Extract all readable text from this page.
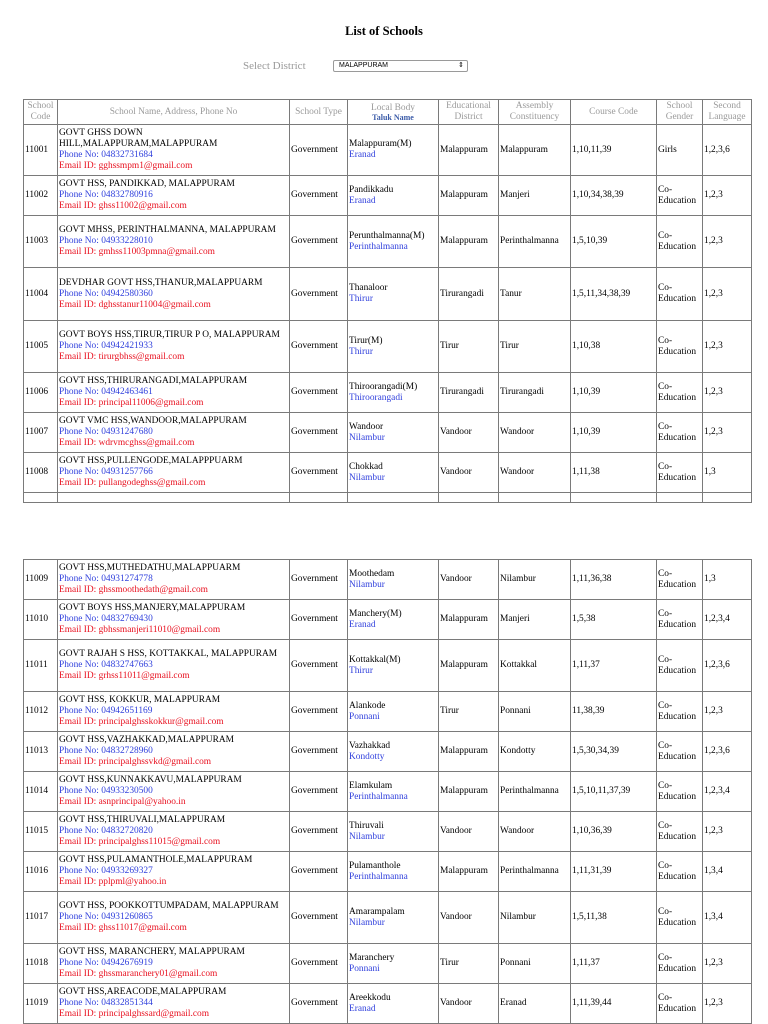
List of Schools
Select District	MALAPPURAM	⇕
School Code	School Name, Address, Phone No	School Type	Local Body
Taluk Name	Educational District	Assembly Constituency	Course Code	School Gender	Second Language
11001	GOVT GHSS DOWN HILL,MALAPPURAM,MALAPPURAM
Phone No: 04832731684
Email ID: gghssmpm1@gmail.com	Government	Malappuram(M)
Eranad	Malappuram	Malappuram	1,10,11,39	Girls	1,2,3,6
11002	GOVT HSS, PANDIKKAD, MALAPPURAM
Phone No: 04832780916
Email ID: ghss11002@gmail.com	Government	Pandikkadu
Eranad	Malappuram	Manjeri	1,10,34,38,39	Co-Education	1,2,3
11003	GOVT MHSS, PERINTHALMANNA, MALAPPURAM
Phone No: 04933228010
Email ID: gmhss11003pmna@gmail.com	Government	Perunthalmanna(M)
Perinthalmanna	Malappuram	Perinthalmanna	1,5,10,39	Co-Education	1,2,3
11004	DEVDHAR GOVT HSS,THANUR,MALAPPUARM
Phone No: 04942580360
Email ID: dghsstanur11004@gmail.com	Government	Thanaloor
Thirur	Tirurangadi	Tanur	1,5,11,34,38,39	Co-Education	1,2,3
11005	GOVT BOYS HSS,TIRUR,TIRUR P O, MALAPPURAM
Phone No: 04942421933
Email ID: tirurgbhss@gmail.com	Government	Tirur(M)
Thirur	Tirur	Tirur	1,10,38	Co-Education	1,2,3
11006	GOVT HSS,THIRURANGADI,MALAPPURAM
Phone No: 04942463461
Email ID: principal11006@gmail.com	Government	Thiroorangadi(M)
Thiroorangadi	Tirurangadi	Tirurangadi	1,10,39	Co-Education	1,2,3
11007	GOVT VMC HSS,WANDOOR,MALAPPURAM
Phone No: 04931247680
Email ID: wdrvmcghss@gmail.com	Government	Wandoor
Nilambur	Vandoor	Wandoor	1,10,39	Co-Education	1,2,3
11008	GOVT HSS,PULLENGODE,MALAPPPUARM
Phone No: 04931257766
Email ID: pullangodeghss@gmail.com	Government	Chokkad
Nilambur	Vandoor	Wandoor	1,11,38	Co-Education	1,3

11009	GOVT HSS,MUTHEDATHU,MALAPPUARM
Phone No: 04931274778
Email ID: ghssmoothedath@gmail.com	Government	Moothedam
Nilambur	Vandoor	Nilambur	1,11,36,38	Co-Education	1,3
11010	GOVT BOYS HSS,MANJERY,MALAPPURAM
Phone No: 04832769430
Email ID: gbhssmanjeri11010@gmail.com	Government	Manchery(M)
Eranad	Malappuram	Manjeri	1,5,38	Co-Education	1,2,3,4
11011	GOVT RAJAH S HSS, KOTTAKKAL, MALAPPURAM
Phone No: 04832747663
Email ID: grhss11011@gmail.com	Government	Kottakkal(M)
Thirur	Malappuram	Kottakkal	1,11,37	Co-Education	1,2,3,6
11012	GOVT HSS, KOKKUR, MALAPPURAM
Phone No: 04942651169
Email ID: principalghsskokkur@gmail.com	Government	Alankode
Ponnani	Tirur	Ponnani	11,38,39	Co-Education	1,2,3
11013	GOVT HSS,VAZHAKKAD,MALAPPURAM
Phone No: 04832728960
Email ID: principalghssvkd@gmail.com	Government	Vazhakkad
Kondotty	Malappuram	Kondotty	1,5,30,34,39	Co-Education	1,2,3,6
11014	GOVT HSS,KUNNAKKAVU,MALAPPURAM
Phone No: 04933230500
Email ID: asnprincipal@yahoo.in	Government	Elamkulam
Perinthalmanna	Malappuram	Perinthalmanna	1,5,10,11,37,39	Co-Education	1,2,3,4
11015	GOVT HSS,THIRUVALI,MALAPPURAM
Phone No: 04832720820
Email ID: principalghss11015@gmail.com	Government	Thiruvali
Nilambur	Vandoor	Wandoor	1,10,36,39	Co-Education	1,2,3
11016	GOVT HSS,PULAMANTHOLE,MALAPPURAM
Phone No: 04933269327
Email ID: pplpml@yahoo.in	Government	Pulamanthole
Perinthalmanna	Malappuram	Perinthalmanna	1,11,31,39	Co-Education	1,3,4
11017	GOVT HSS, POOKKOTTUMPADAM, MALAPPURAM
Phone No: 04931260865
Email ID: ghss11017@gmail.com	Government	Amarampalam
Nilambur	Vandoor	Nilambur	1,5,11,38	Co-Education	1,3,4
11018	GOVT HSS, MARANCHERY, MALAPPURAM
Phone No: 04942676919
Email ID: ghssmaranchery01@gmail.com	Government	Maranchery
Ponnani	Tirur	Ponnani	1,11,37	Co-Education	1,2,3
11019	GOVT HSS,AREACODE,MALAPPURAM
Phone No: 04832851344
Email ID: principalghssard@gmail.com	Government	Areekkodu
Eranad	Vandoor	Eranad	1,11,39,44	Co-Education	1,2,3
